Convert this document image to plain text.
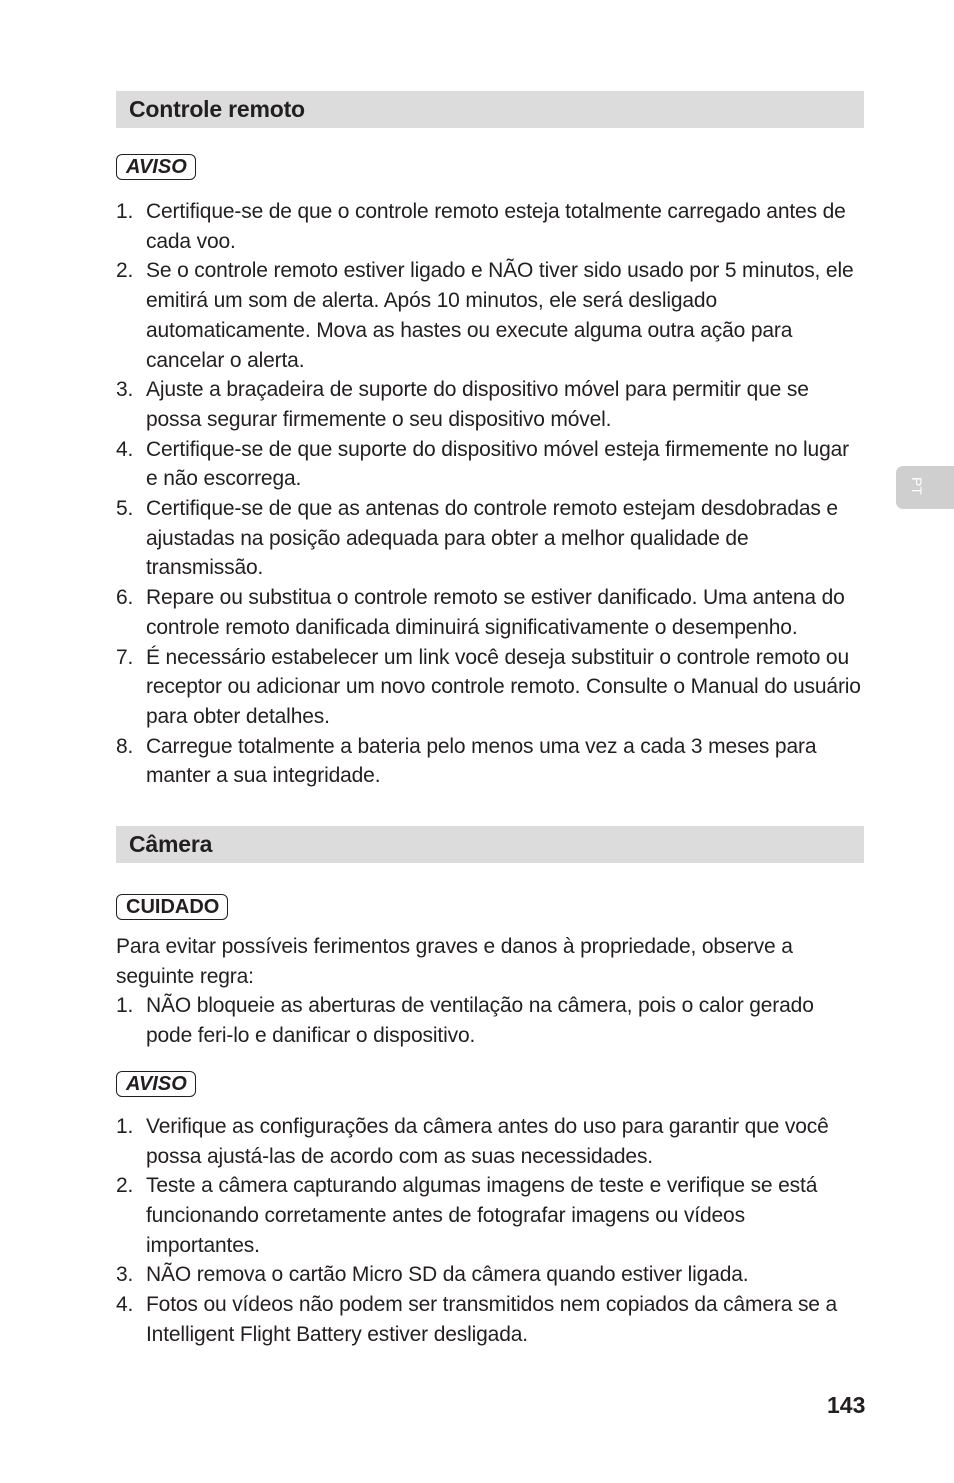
Controle remoto
AVISO
1. Certifique-se de que o controle remoto esteja totalmente carregado antes de cada voo.
2. Se o controle remoto estiver ligado e NÃO tiver sido usado por 5 minutos, ele emitirá um som de alerta. Após 10 minutos, ele será desligado automaticamente. Mova as hastes ou execute alguma outra ação para cancelar o alerta.
3. Ajuste a braçadeira de suporte do dispositivo móvel para permitir que se possa segurar firmemente o seu dispositivo móvel.
4. Certifique-se de que suporte do dispositivo móvel esteja firmemente no lugar e não escorrega.
5. Certifique-se de que as antenas do controle remoto estejam desdobradas e ajustadas na posição adequada para obter a melhor qualidade de transmissão.
6. Repare ou substitua o controle remoto se estiver danificado. Uma antena do controle remoto danificada diminuirá significativamente o desempenho.
7. É necessário estabelecer um link você deseja substituir o controle remoto ou receptor ou adicionar um novo controle remoto. Consulte o Manual do usuário para obter detalhes.
8. Carregue totalmente a bateria pelo menos uma vez a cada 3 meses para manter a sua integridade.
Câmera
CUIDADO

Para evitar possíveis ferimentos graves e danos à propriedade, observe a seguinte regra:

1. NÃO bloqueie as aberturas de ventilação na câmera, pois o calor gerado pode feri-lo e danificar o dispositivo.
AVISO
1. Verifique as configurações da câmera antes do uso para garantir que você possa ajustá-las de acordo com as suas necessidades.
2. Teste a câmera capturando algumas imagens de teste e verifique se está funcionando corretamente antes de fotografar imagens ou vídeos importantes.
3. NÃO remova o cartão Micro SD da câmera quando estiver ligada.
4. Fotos ou vídeos não podem ser transmitidos nem copiados da câmera se a Intelligent Flight Battery estiver desligada.
PT
143
